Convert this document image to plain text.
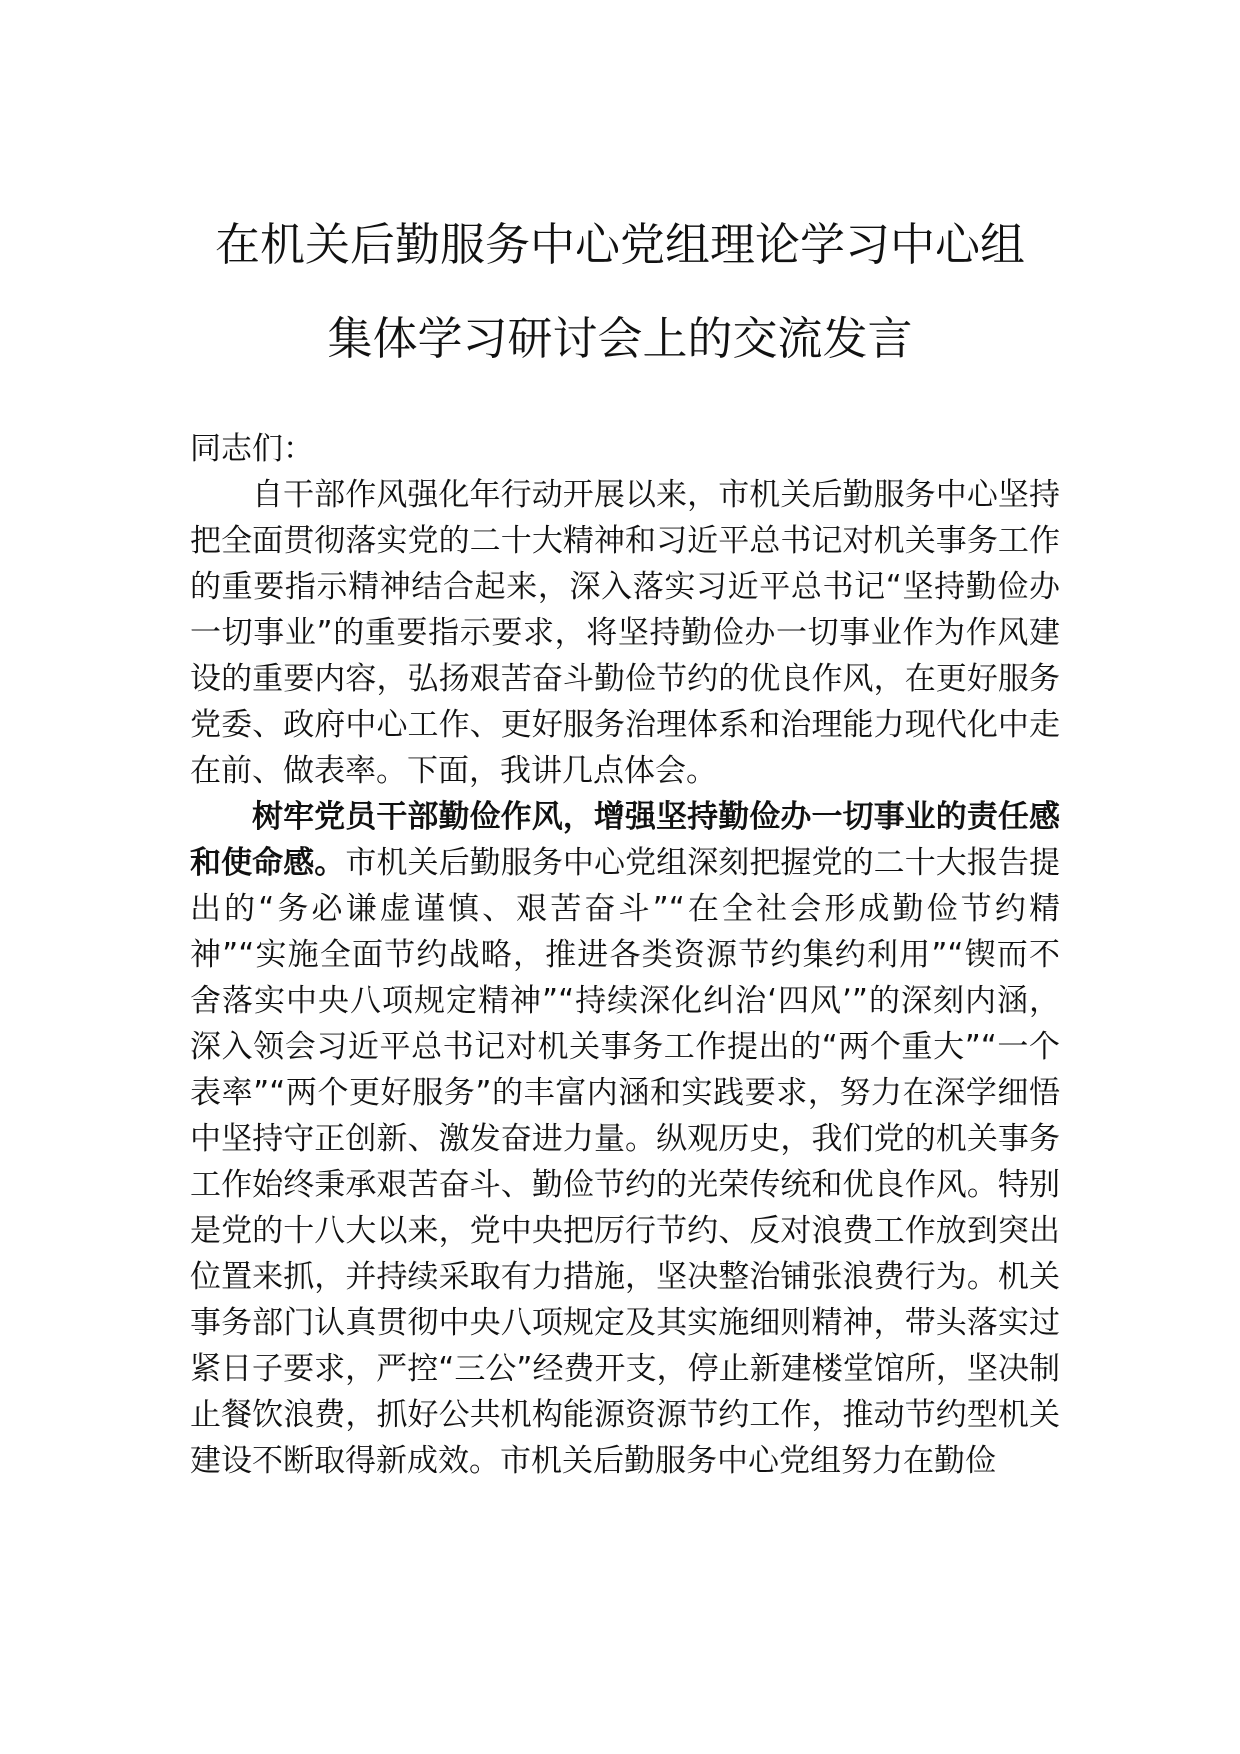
在机关后勤服务中心党组理论学习中心组
集体学习研讨会上的交流发言

同志们：

自干部作风强化年行动开展以来，市机关后勤服务中心坚持把全面贯彻落实党的二十大精神和习近平总书记对机关事务工作的重要指示精神结合起来，深入落实习近平总书记“坚持勤俭办一切事业”的重要指示要求，将坚持勤俭办一切事业作为作风建设的重要内容，弘扬艰苦奋斗勤俭节约的优良作风，在更好服务党委、政府中心工作、更好服务治理体系和治理能力现代化中走在前、做表率。下面，我讲几点体会。

树牢党员干部勤俭作风，增强坚持勤俭办一切事业的责任感和使命感。市机关后勤服务中心党组深刻把握党的二十大报告提出的“务必谦虚谨慎、艰苦奋斗”“在全社会形成勤俭节约精神”“实施全面节约战略，推进各类资源节约集约利用”“锲而不舍落实中央八项规定精神”“持续深化纠治‘四风’”的深刻内涵，深入领会习近平总书记对机关事务工作提出的“两个重大”“一个表率”“两个更好服务”的丰富内涵和实践要求，努力在深学细悟中坚持守正创新、激发奋进力量。纵观历史，我们党的机关事务工作始终秉承艰苦奋斗、勤俭节约的光荣传统和优良作风。特别是党的十八大以来，党中央把厉行节约、反对浪费工作放到突出位置来抓，并持续采取有力措施，坚决整治铺张浪费行为。机关事务部门认真贯彻中央八项规定及其实施细则精神，带头落实过紧日子要求，严控“三公”经费开支，停止新建楼堂馆所，坚决制止餐饮浪费，抓好公共机构能源资源节约工作，推动节约型机关建设不断取得新成效。市机关后勤服务中心党组努力在勤俭
